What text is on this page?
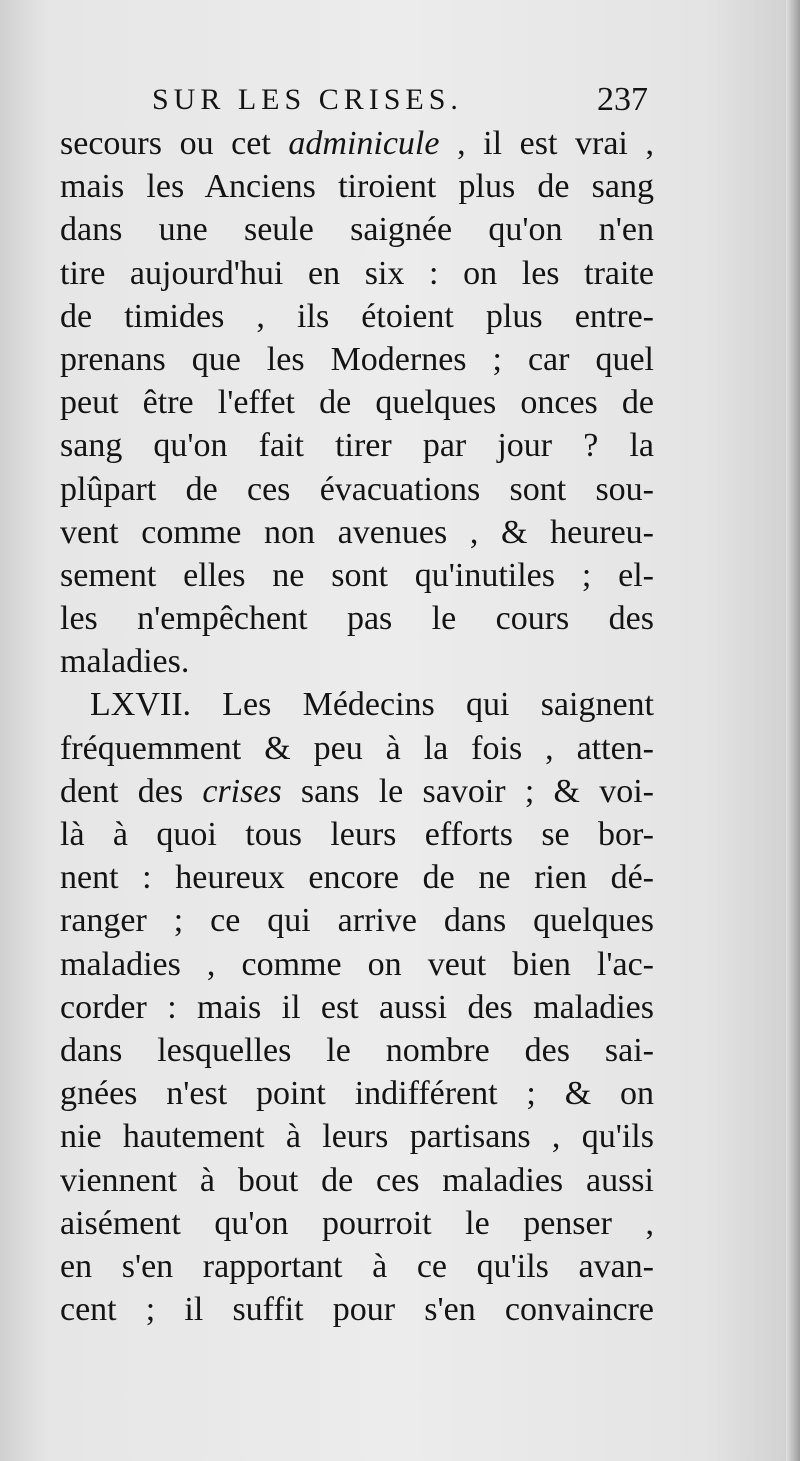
SUR LES CRISES.	237
secours ou cet adminicule , il est vrai ,
mais les Anciens tiroient plus de sang
dans une seule saignée qu'on n'en
tire aujourd'hui en six : on les traite
de timides , ils étoient plus entre-
prenans que les Modernes ; car quel
peut être l'effet de quelques onces de
sang qu'on fait tirer par jour ? la
plûpart de ces évacuations sont sou-
vent comme non avenues , & heureu-
sement elles ne sont qu'inutiles ; el-
les n'empêchent pas le cours des
maladies.
LXVII. Les Médecins qui saignent
fréquemment & peu à la fois , atten-
dent des crises sans le savoir ; & voi-
là à quoi tous leurs efforts se bor-
nent : heureux encore de ne rien dé-
ranger ; ce qui arrive dans quelques
maladies , comme on veut bien l'ac-
corder : mais il est aussi des maladies
dans lesquelles le nombre des sai-
gnées n'est point indifférent ; & on
nie hautement à leurs partisans , qu'ils
viennent à bout de ces maladies aussi
aisément qu'on pourroit le penser ,
en s'en rapportant à ce qu'ils avan-
cent ; il suffit pour s'en convaincre
